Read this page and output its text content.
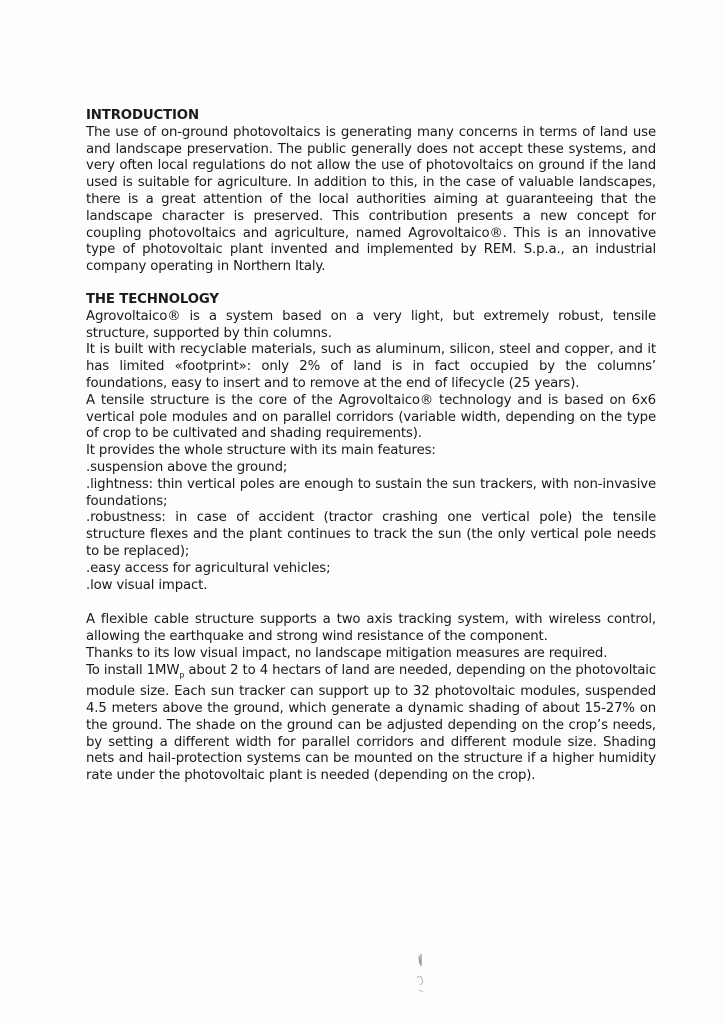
INTRODUCTION

The use of on-ground photovoltaics is generating many concerns in terms of land use and landscape preservation. The public generally does not accept these systems, and very often local regulations do not allow the use of photovoltaics on ground if the land used is suitable for agriculture. In addition to this, in the case of valuable landscapes, there is a great attention of the local authorities aiming at guaranteeing that the landscape character is preserved. This contribution presents a new concept for coupling photovoltaics and agriculture, named Agrovoltaico®. This is an innovative type of photovoltaic plant invented and implemented by REM. S.p.a., an industrial company operating in Northern Italy.

THE TECHNOLOGY

Agrovoltaico® is a system based on a very light, but extremely robust, tensile structure, supported by thin columns.

It is built with recyclable materials, such as aluminum, silicon, steel and copper, and it has limited «footprint»: only 2% of land is in fact occupied by the columns’ foundations, easy to insert and to remove at the end of lifecycle (25 years).

A tensile structure is the core of the Agrovoltaico® technology and is based on 6x6 vertical pole modules and on parallel corridors (variable width, depending on the type of crop to be cultivated and shading requirements).

It provides the whole structure with its main features:

.suspension above the ground;

.lightness: thin vertical poles are enough to sustain the sun trackers, with non-invasive foundations;

.robustness: in case of accident (tractor crashing one vertical pole) the tensile structure flexes and the plant continues to track the sun (the only vertical pole needs to be replaced);

.easy access for agricultural vehicles;

.low visual impact.

A flexible cable structure supports a two axis tracking system, with wireless control, allowing the earthquake and strong wind resistance of the component.

Thanks to its low visual impact, no landscape mitigation measures are required.

To install $1MW_p$ about 2 to 4 hectars of land are needed, depending on the photovoltaic module size. Each sun tracker can support up to 32 photovoltaic modules, suspended 4.5 meters above the ground, which generate a dynamic shading of about 15-27% on the ground. The shade on the ground can be adjusted depending on the crop’s needs, by setting a different width for parallel corridors and different module size. Shading nets and hail-protection systems can be mounted on the structure if a higher humidity rate under the photovoltaic plant is needed (depending on the crop).
